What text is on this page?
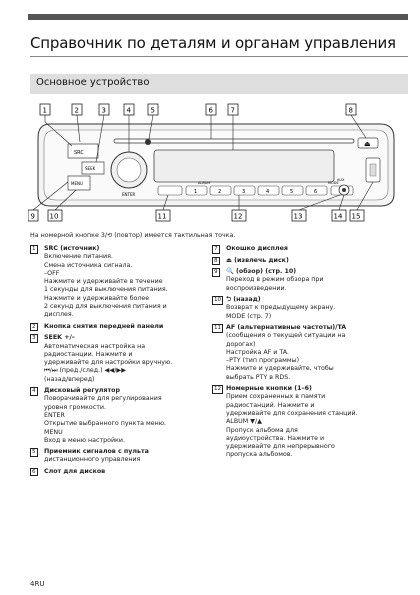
Справочник по деталям и органам управления
Основное устройство
SRC
SEEK
MENU
ENTER	1	2	3	4	5	6
ALBUM	MODE
⏏
AUX
1	2	3	4	5	6	7	8
9 10	11	12	13	14 15
На номерной кнопке 3/⟲ (повтор) имеется тактильная точка.
1	SRC (источник)
Включение питания.
Смена источника сигнала.
–OFF
Нажмите и удерживайте в течение
1 секунды для выключения питания.
Нажмите и удерживайте более
2 секунд для выключения питания и
дисплея.
2	Кнопка снятия передней панели
3	SEEK +/–
Автоматическая настройка на
радиостанции. Нажмите и
удерживайте для настройки вручную.
⏮/⏭ (пред./след.) ◀◀/▶▶
(назад/вперед)
4	Дисковый регулятор
Поворачивайте для регулирования
уровня громкости.
ENTER
Открытие выбранного пункта меню.
MENU
Вход в меню настройки.
5	Приемник сигналов с пульта
дистанционного управления
6	Слот для дисков
7	Окошко дисплея
8	⏏ (извлечь диск)
9	🔍 (обзор) (стр. 10)
Переход в режим обзора при
воспроизведении.
10 ⮌ (назад)
Возврат к предыдущему экрану.
MODE (стр. 7)
11 AF (альтернативные частоты)/TA
(сообщения о текущей ситуации на
дорогах)
Настройка AF и TA.
–PTY (тип программы)
Нажмите и удерживайте, чтобы
выбрать PTY в RDS.
12 Номерные кнопки (1–6)
Прием сохраненных в памяти
радиостанций. Нажмите и
удерживайте для сохранения станций.
ALBUM ▼/▲
Пропуск альбома для
аудиоустройства. Нажмите и
удерживайте для непрерывного
пропуска альбомов.
4RU
